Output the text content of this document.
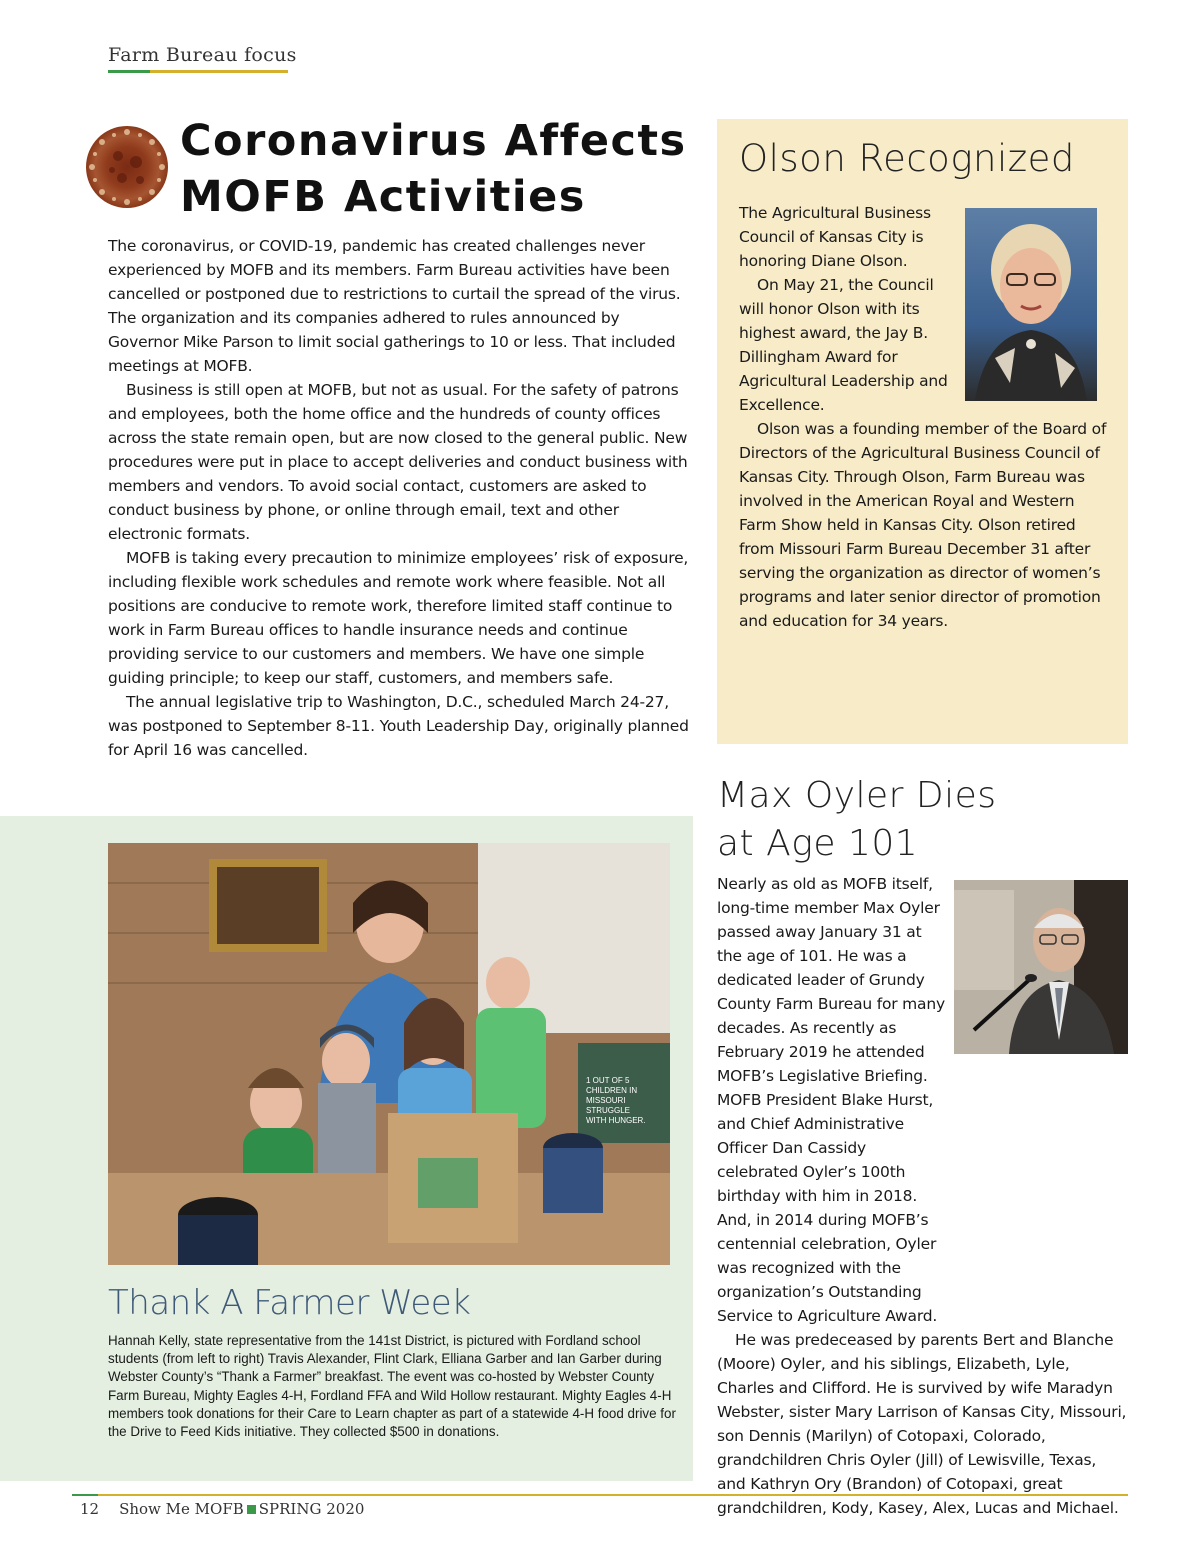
Farm Bureau focus
Coronavirus Affects
MOFB Activities

The coronavirus, or COVID-19, pandemic has created challenges never experienced by MOFB and its members. Farm Bureau activities have been cancelled or postponed due to restrictions to curtail the spread of the virus. The organization and its companies adhered to rules announced by Governor Mike Parson to limit social gatherings to 10 or less. That included meetings at MOFB.

Business is still open at MOFB, but not as usual. For the safety of patrons and employees, both the home office and the hundreds of county offices across the state remain open, but are now closed to the general public. New procedures were put in place to accept deliveries and conduct business with members and vendors. To avoid social contact, customers are asked to conduct business by phone, or online through email, text and other electronic formats.

MOFB is taking every precaution to minimize employees’ risk of exposure, including flexible work schedules and remote work where feasible. Not all positions are conducive to remote work, therefore limited staff continue to work in Farm Bureau offices to handle insurance needs and continue providing service to our customers and members. We have one simple guiding principle; to keep our staff, customers, and members safe.

The annual legislative trip to Washington, D.C., scheduled March 24-27, was postponed to September 8-11. Youth Leadership Day, originally planned for April 16 was cancelled.

Olson Recognized

The Agricultural Business Council of Kansas City is honoring Diane Olson.

On May 21, the Council will honor Olson with its highest award, the Jay B. Dillingham Award for Agricultural Leadership and Excellence.

Olson was a founding member of the Board of Directors of the Agricultural Business Council of Kansas City. Through Olson, Farm Bureau was involved in the American Royal and Western Farm Show held in Kansas City. Olson retired from Missouri Farm Bureau December 31 after serving the organization as director of women’s programs and later senior director of promotion and education for 34 years.

Max Oyler Dies
at Age 101

Nearly as old as MOFB itself, long-time member Max Oyler passed away January 31 at the age of 101. He was a dedicated leader of Grundy County Farm Bureau for many decades. As recently as February 2019 he attended MOFB’s Legislative Briefing. MOFB President Blake Hurst, and Chief Administrative Officer Dan Cassidy celebrated Oyler’s 100th birthday with him in 2018. And, in 2014 during MOFB’s centennial celebration, Oyler was recognized with the organization’s Outstanding Service to Agriculture Award.

He was predeceased by parents Bert and Blanche (Moore) Oyler, and his siblings, Elizabeth, Lyle, Charles and Clifford. He is survived by wife Maradyn Webster, sister Mary Larrison of Kansas City, Missouri, son Dennis (Marilyn) of Cotopaxi, Colorado, grandchildren Chris Oyler (Jill) of Lewisville, Texas, and Kathryn Ory (Brandon) of Cotopaxi, great grandchildren, Kody, Kasey, Alex, Lucas and Michael.

1 OUT OF 5 CHILDREN IN MISSOURI STRUGGLE WITH HUNGER.
Thank A Farmer Week
Hannah Kelly, state representative from the 141st District, is pictured with Fordland school students (from left to right) Travis Alexander, Flint Clark, Elliana Garber and Ian Garber during Webster County’s “Thank a Farmer” breakfast. The event was co-hosted by Webster County Farm Bureau, Mighty Eagles 4-H, Fordland FFA and Wild Hollow restaurant. Mighty Eagles 4-H members took donations for their Care to Learn chapter as part of a statewide 4-H food drive for the Drive to Feed Kids initiative. They collected $500 in donations.
12 Show Me MOFB SPRING 2020
